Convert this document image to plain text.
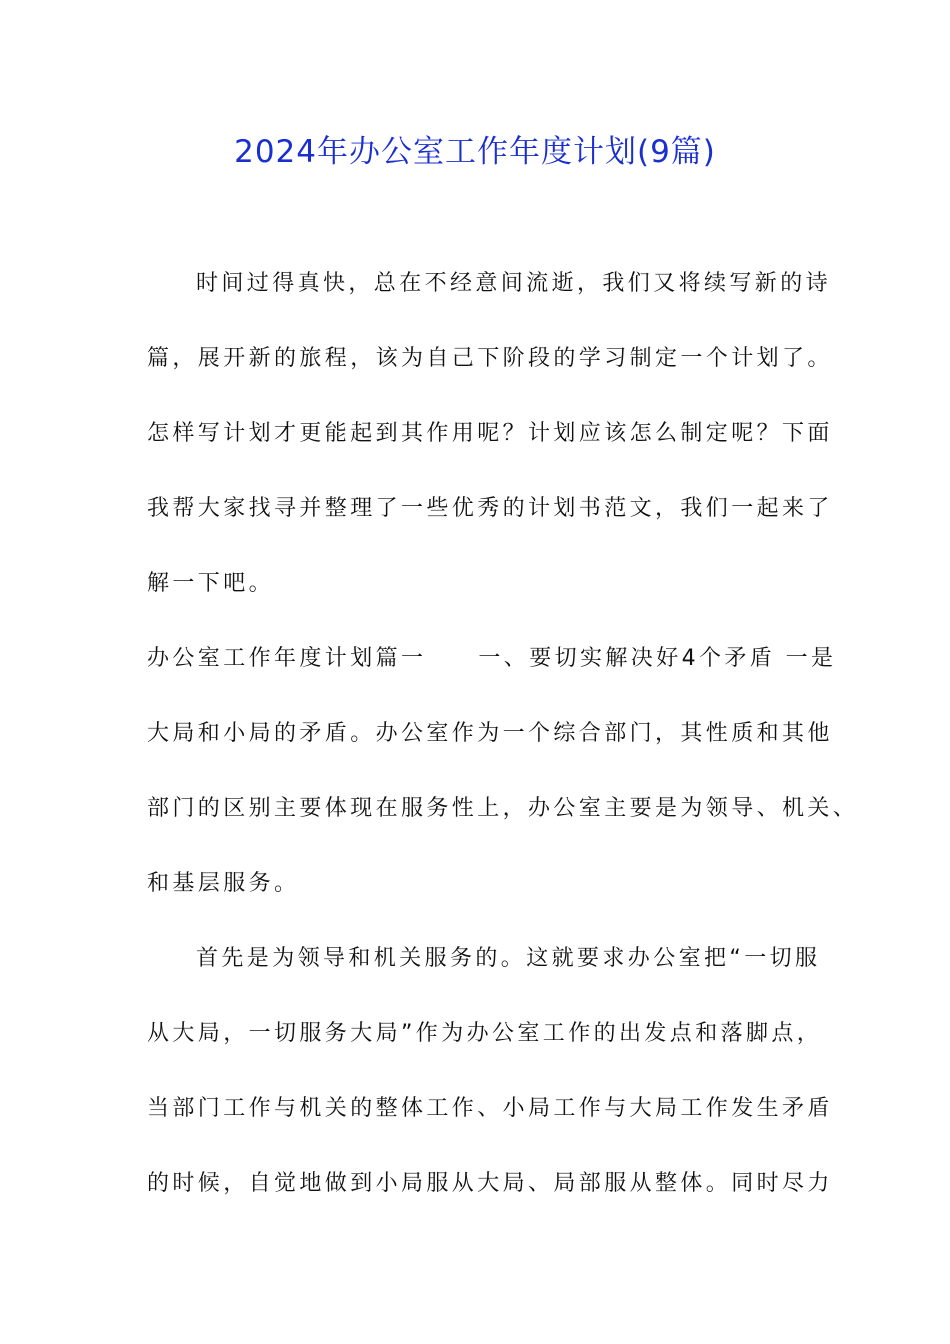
2024年办公室工作年度计划(9篇)
时间过得真快，总在不经意间流逝，我们又将续写新的诗
篇，展开新的旅程，该为自己下阶段的学习制定一个计划了。
怎样写计划才更能起到其作用呢？计划应该怎么制定呢？下面
我帮大家找寻并整理了一些优秀的计划书范文，我们一起来了
解一下吧。
办公室工作年度计划篇一 一、要切实解决好4个矛盾 一是
大局和小局的矛盾。办公室作为一个综合部门，其性质和其他
部门的区别主要体现在服务性上，办公室主要是为领导、机关、
和基层服务。
首先是为领导和机关服务的。这就要求办公室把“一切服
从大局，一切服务大局”作为办公室工作的出发点和落脚点，
当部门工作与机关的整体工作、小局工作与大局工作发生矛盾
的时候，自觉地做到小局服从大局、局部服从整体。同时尽力
